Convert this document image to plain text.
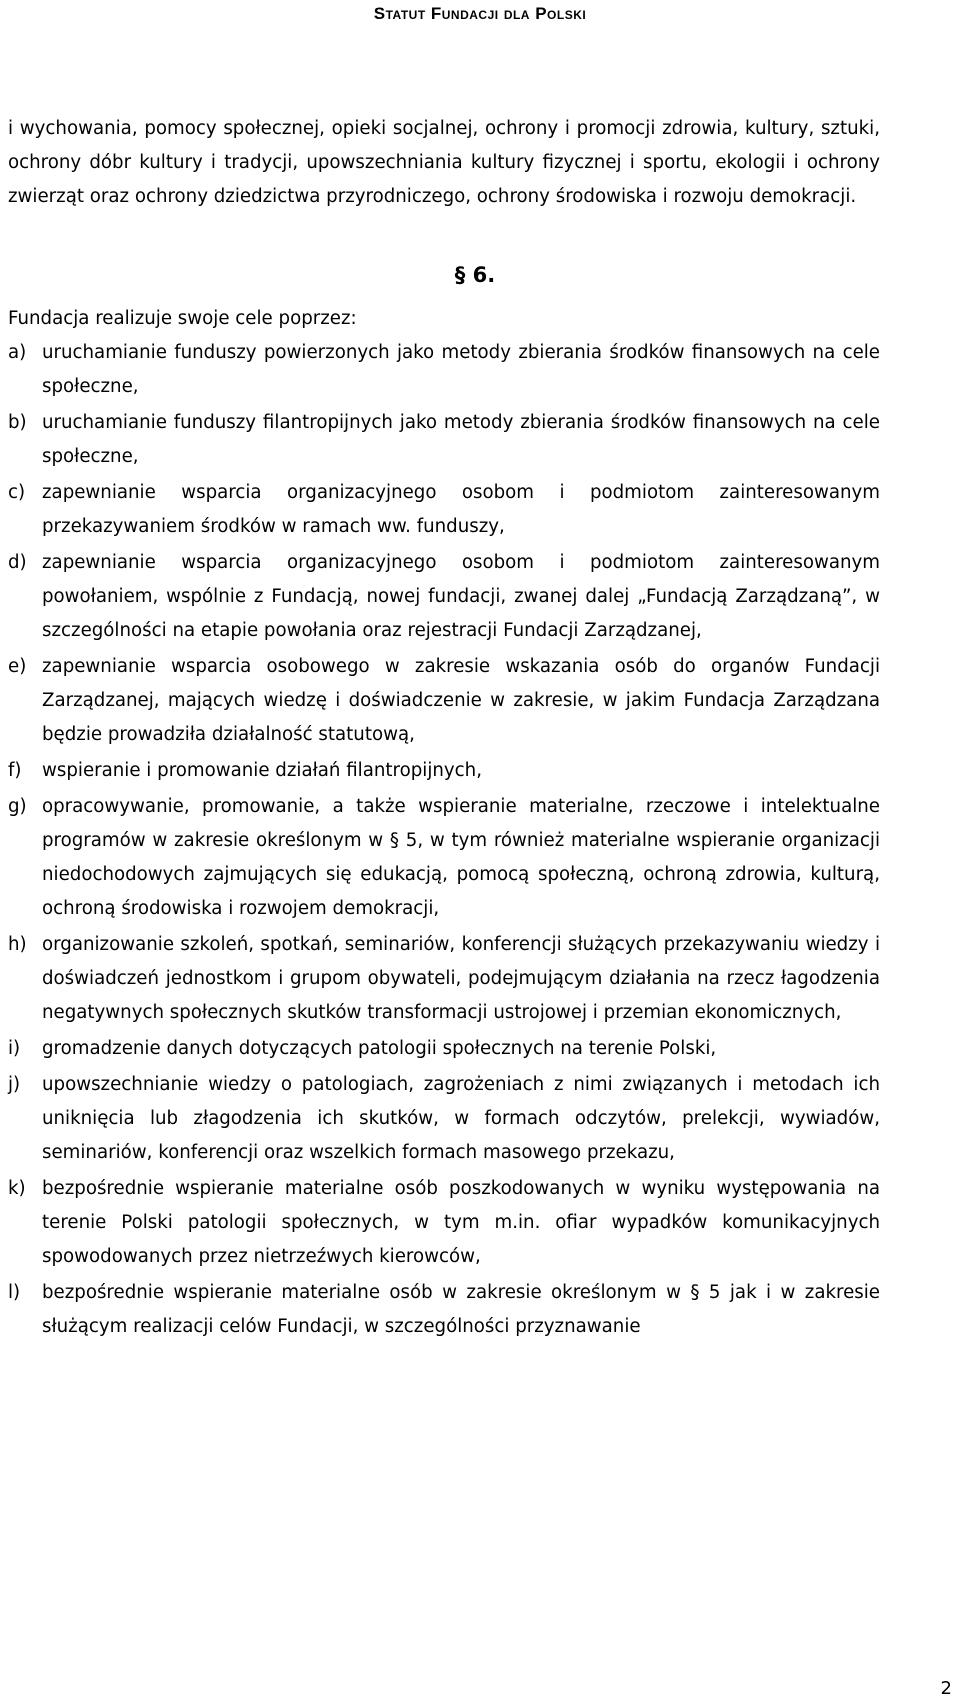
Statut Fundacji dla Polski

i wychowania, pomocy społecznej, opieki socjalnej, ochrony i promocji zdrowia, kultury, sztuki, ochrony dóbr kultury i tradycji, upowszechniania kultury fizycznej i sportu, ekologii i ochrony zwierząt oraz ochrony dziedzictwa przyrodniczego, ochrony środowiska i rozwoju demokracji.

§ 6.

Fundacja realizuje swoje cele poprzez:

a) uruchamianie funduszy powierzonych jako metody zbierania środków finansowych na cele społeczne,
b) uruchamianie funduszy filantropijnych jako metody zbierania środków finansowych na cele społeczne,
c) zapewnianie wsparcia organizacyjnego osobom i podmiotom zainteresowanym przekazywaniem środków w ramach ww. funduszy,
d) zapewnianie wsparcia organizacyjnego osobom i podmiotom zainteresowanym powołaniem, wspólnie z Fundacją, nowej fundacji, zwanej dalej „Fundacją Zarządzaną”, w szczególności na etapie powołania oraz rejestracji Fundacji Zarządzanej,
e) zapewnianie wsparcia osobowego w zakresie wskazania osób do organów Fundacji Zarządzanej, mających wiedzę i doświadczenie w zakresie, w jakim Fundacja Zarządzana będzie prowadziła działalność statutową,
f)	wspieranie i promowanie działań filantropijnych,
g) opracowywanie, promowanie, a także wspieranie materialne, rzeczowe i intelektualne programów w zakresie określonym w § 5, w tym również materialne wspieranie organizacji niedochodowych zajmujących się edukacją, pomocą społeczną, ochroną zdrowia, kulturą, ochroną środowiska i rozwojem demokracji,
h) organizowanie szkoleń, spotkań, seminariów, konferencji służących przekazywaniu wiedzy i doświadczeń jednostkom i grupom obywateli, podejmującym działania na rzecz łagodzenia negatywnych społecznych skutków transformacji ustrojowej i przemian ekonomicznych,
i)	gromadzenie danych dotyczących patologii społecznych na terenie Polski,
j)	upowszechnianie wiedzy o patologiach, zagrożeniach z nimi związanych i metodach ich uniknięcia lub złagodzenia ich skutków, w formach odczytów, prelekcji, wywiadów, seminariów, konferencji oraz wszelkich formach masowego przekazu,
k) bezpośrednie wspieranie materialne osób poszkodowanych w wyniku występowania na terenie Polski patologii społecznych, w tym m.in. ofiar wypadków komunikacyjnych spowodowanych przez nietrzeźwych kierowców,
l)	bezpośrednie wspieranie materialne osób w zakresie określonym w § 5 jak i w zakresie służącym realizacji celów Fundacji, w szczególności przyznawanie
2
